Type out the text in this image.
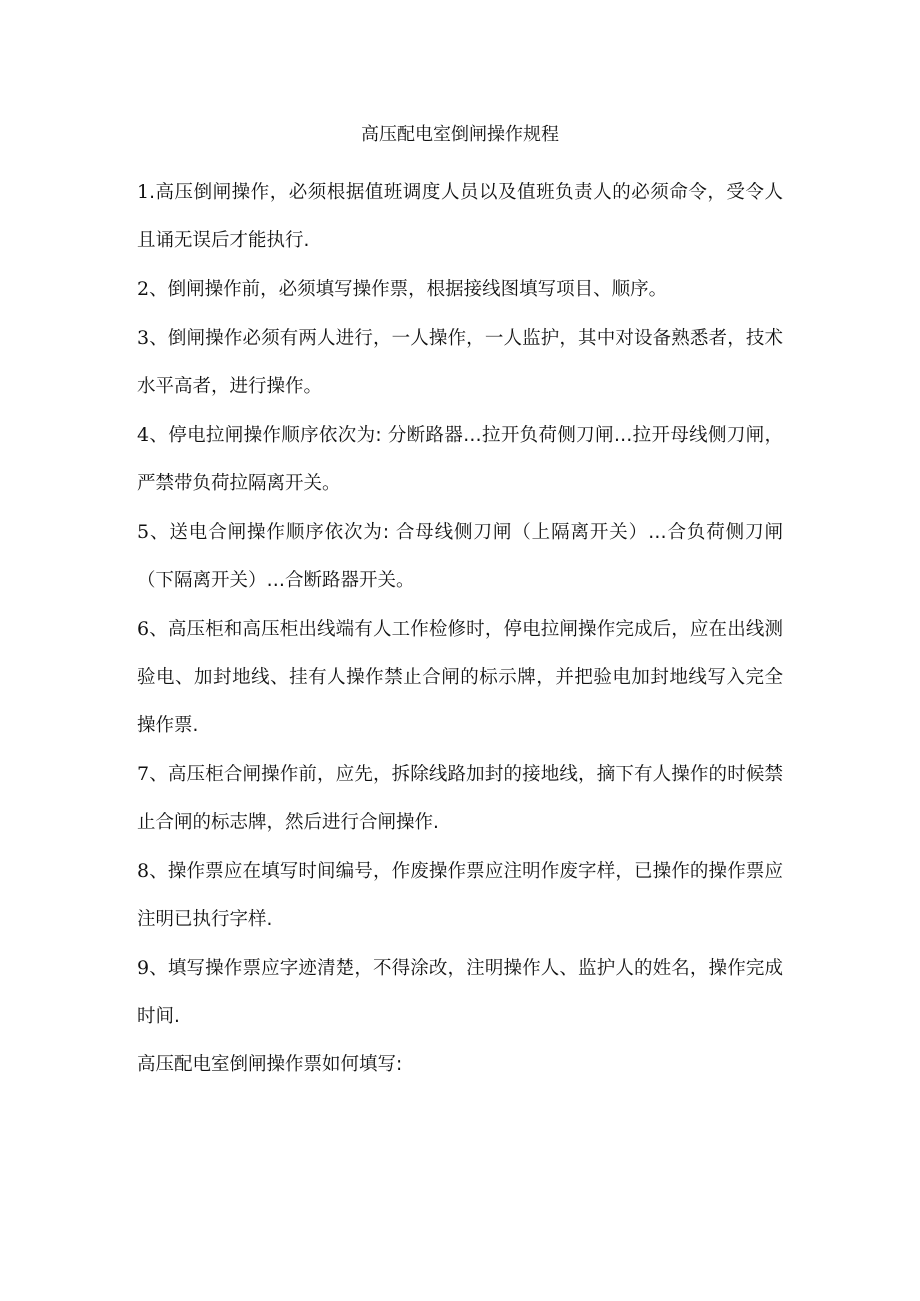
高压配电室倒闸操作规程

1.高压倒闸操作，必须根据值班调度人员以及值班负责人的必须命令，受令人且诵无误后才能执行.

2、倒闸操作前，必须填写操作票，根据接线图填写项目、顺序。

3、倒闸操作必须有两人进行，一人操作，一人监护，其中对设备熟悉者，技术水平高者，进行操作。

4、停电拉闸操作顺序依次为: 分断路器…拉开负荷侧刀闸…拉开母线侧刀闸，严禁带负荷拉隔离开关。

5、送电合闸操作顺序依次为: 合母线侧刀闸（上隔离开关）…合负荷侧刀闸（下隔离开关）…合断路器开关。

6、高压柜和高压柜出线端有人工作检修时，停电拉闸操作完成后，应在出线测验电、加封地线、挂有人操作禁止合闸的标示牌，并把验电加封地线写入完全操作票.

7、高压柜合闸操作前，应先，拆除线路加封的接地线，摘下有人操作的时候禁止合闸的标志牌，然后进行合闸操作.

8、操作票应在填写时间编号，作废操作票应注明作废字样，已操作的操作票应注明已执行字样.

9、填写操作票应字迹清楚，不得涂改，注明操作人、监护人的姓名，操作完成时间.

高压配电室倒闸操作票如何填写:
